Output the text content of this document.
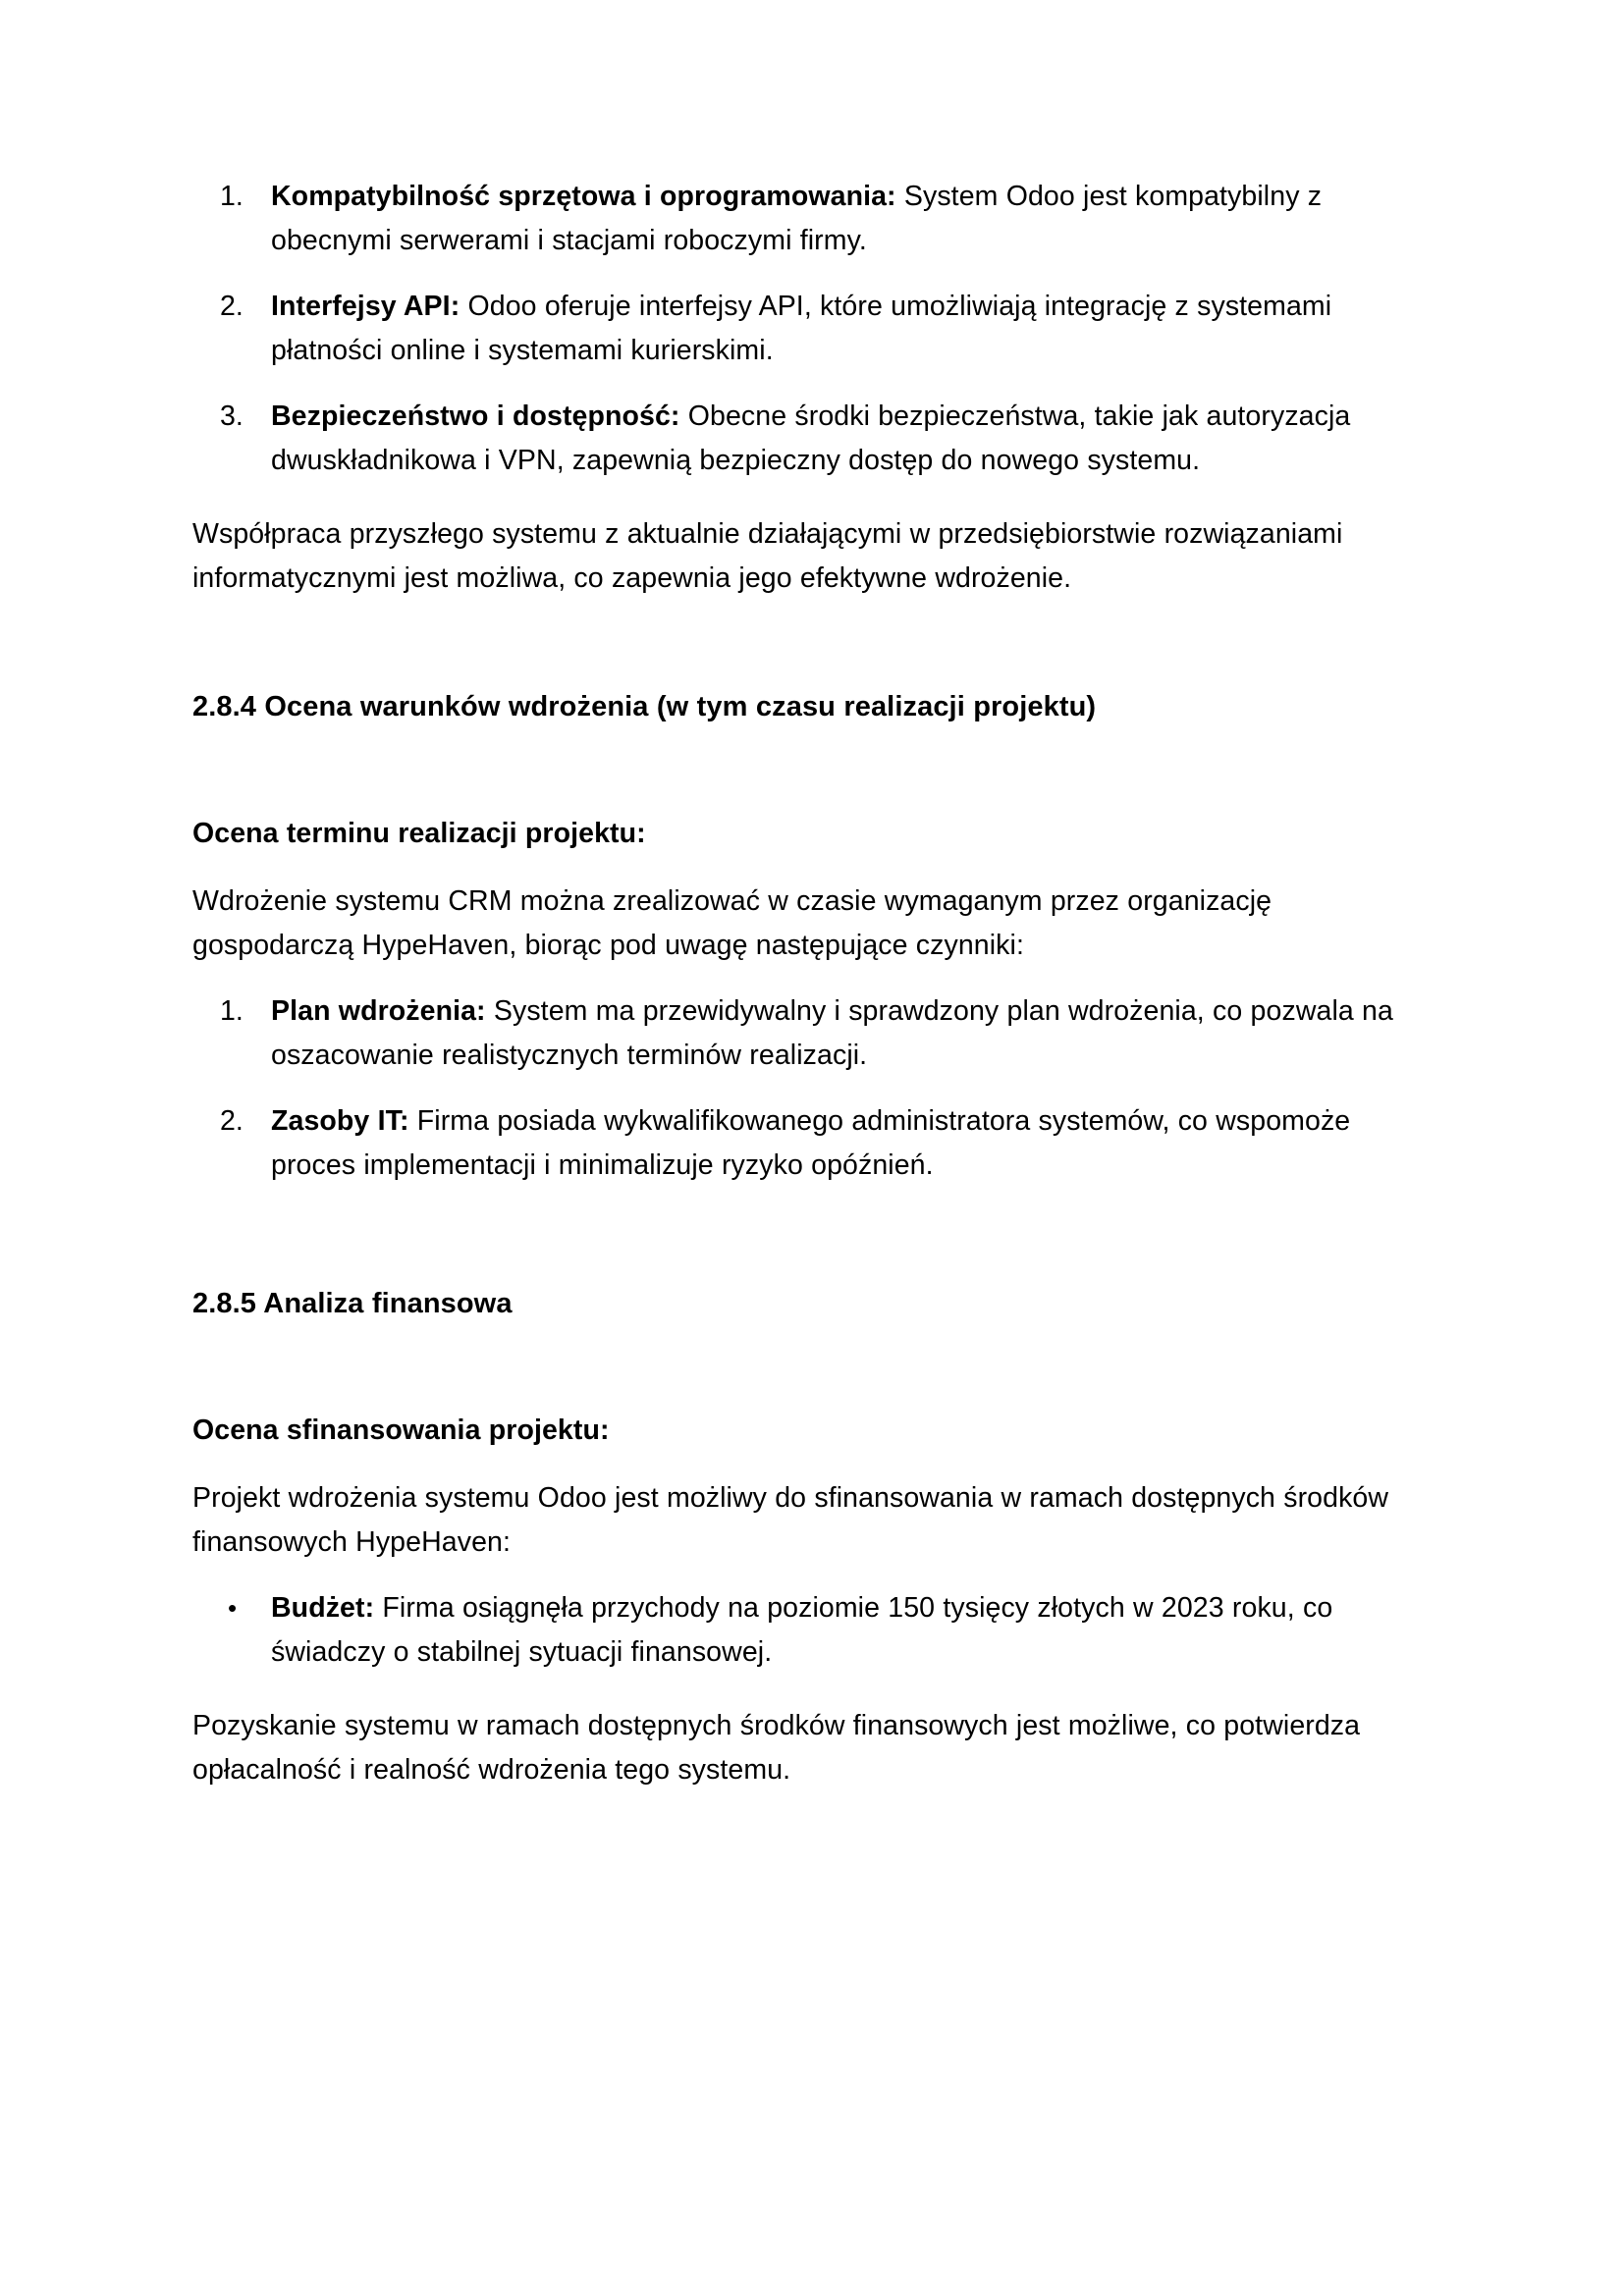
1. Kompatybilność sprzętowa i oprogramowania: System Odoo jest kompatybilny z obecnymi serwerami i stacjami roboczymi firmy.
2. Interfejsy API: Odoo oferuje interfejsy API, które umożliwiają integrację z systemami płatności online i systemami kurierskimi.
3. Bezpieczeństwo i dostępność: Obecne środki bezpieczeństwa, takie jak autoryzacja dwuskładnikowa i VPN, zapewnią bezpieczny dostęp do nowego systemu.

Współpraca przyszłego systemu z aktualnie działającymi w przedsiębiorstwie rozwiązaniami informatycznymi jest możliwa, co zapewnia jego efektywne wdrożenie.

2.8.4 Ocena warunków wdrożenia (w tym czasu realizacji projektu)
Ocena terminu realizacji projektu:

Wdrożenie systemu CRM można zrealizować w czasie wymaganym przez organizację gospodarczą HypeHaven, biorąc pod uwagę następujące czynniki:

1. Plan wdrożenia: System ma przewidywalny i sprawdzony plan wdrożenia, co pozwala na oszacowanie realistycznych terminów realizacji.
2. Zasoby IT: Firma posiada wykwalifikowanego administratora systemów, co wspomoże proces implementacji i minimalizuje ryzyko opóźnień.
2.8.5 Analiza finansowa
Ocena sfinansowania projektu:

Projekt wdrożenia systemu Odoo jest możliwy do sfinansowania w ramach dostępnych środków finansowych HypeHaven:

•	Budżet: Firma osiągnęła przychody na poziomie 150 tysięcy złotych w 2023 roku, co świadczy o stabilnej sytuacji finansowej.

Pozyskanie systemu w ramach dostępnych środków finansowych jest możliwe, co potwierdza opłacalność i realność wdrożenia tego systemu.
